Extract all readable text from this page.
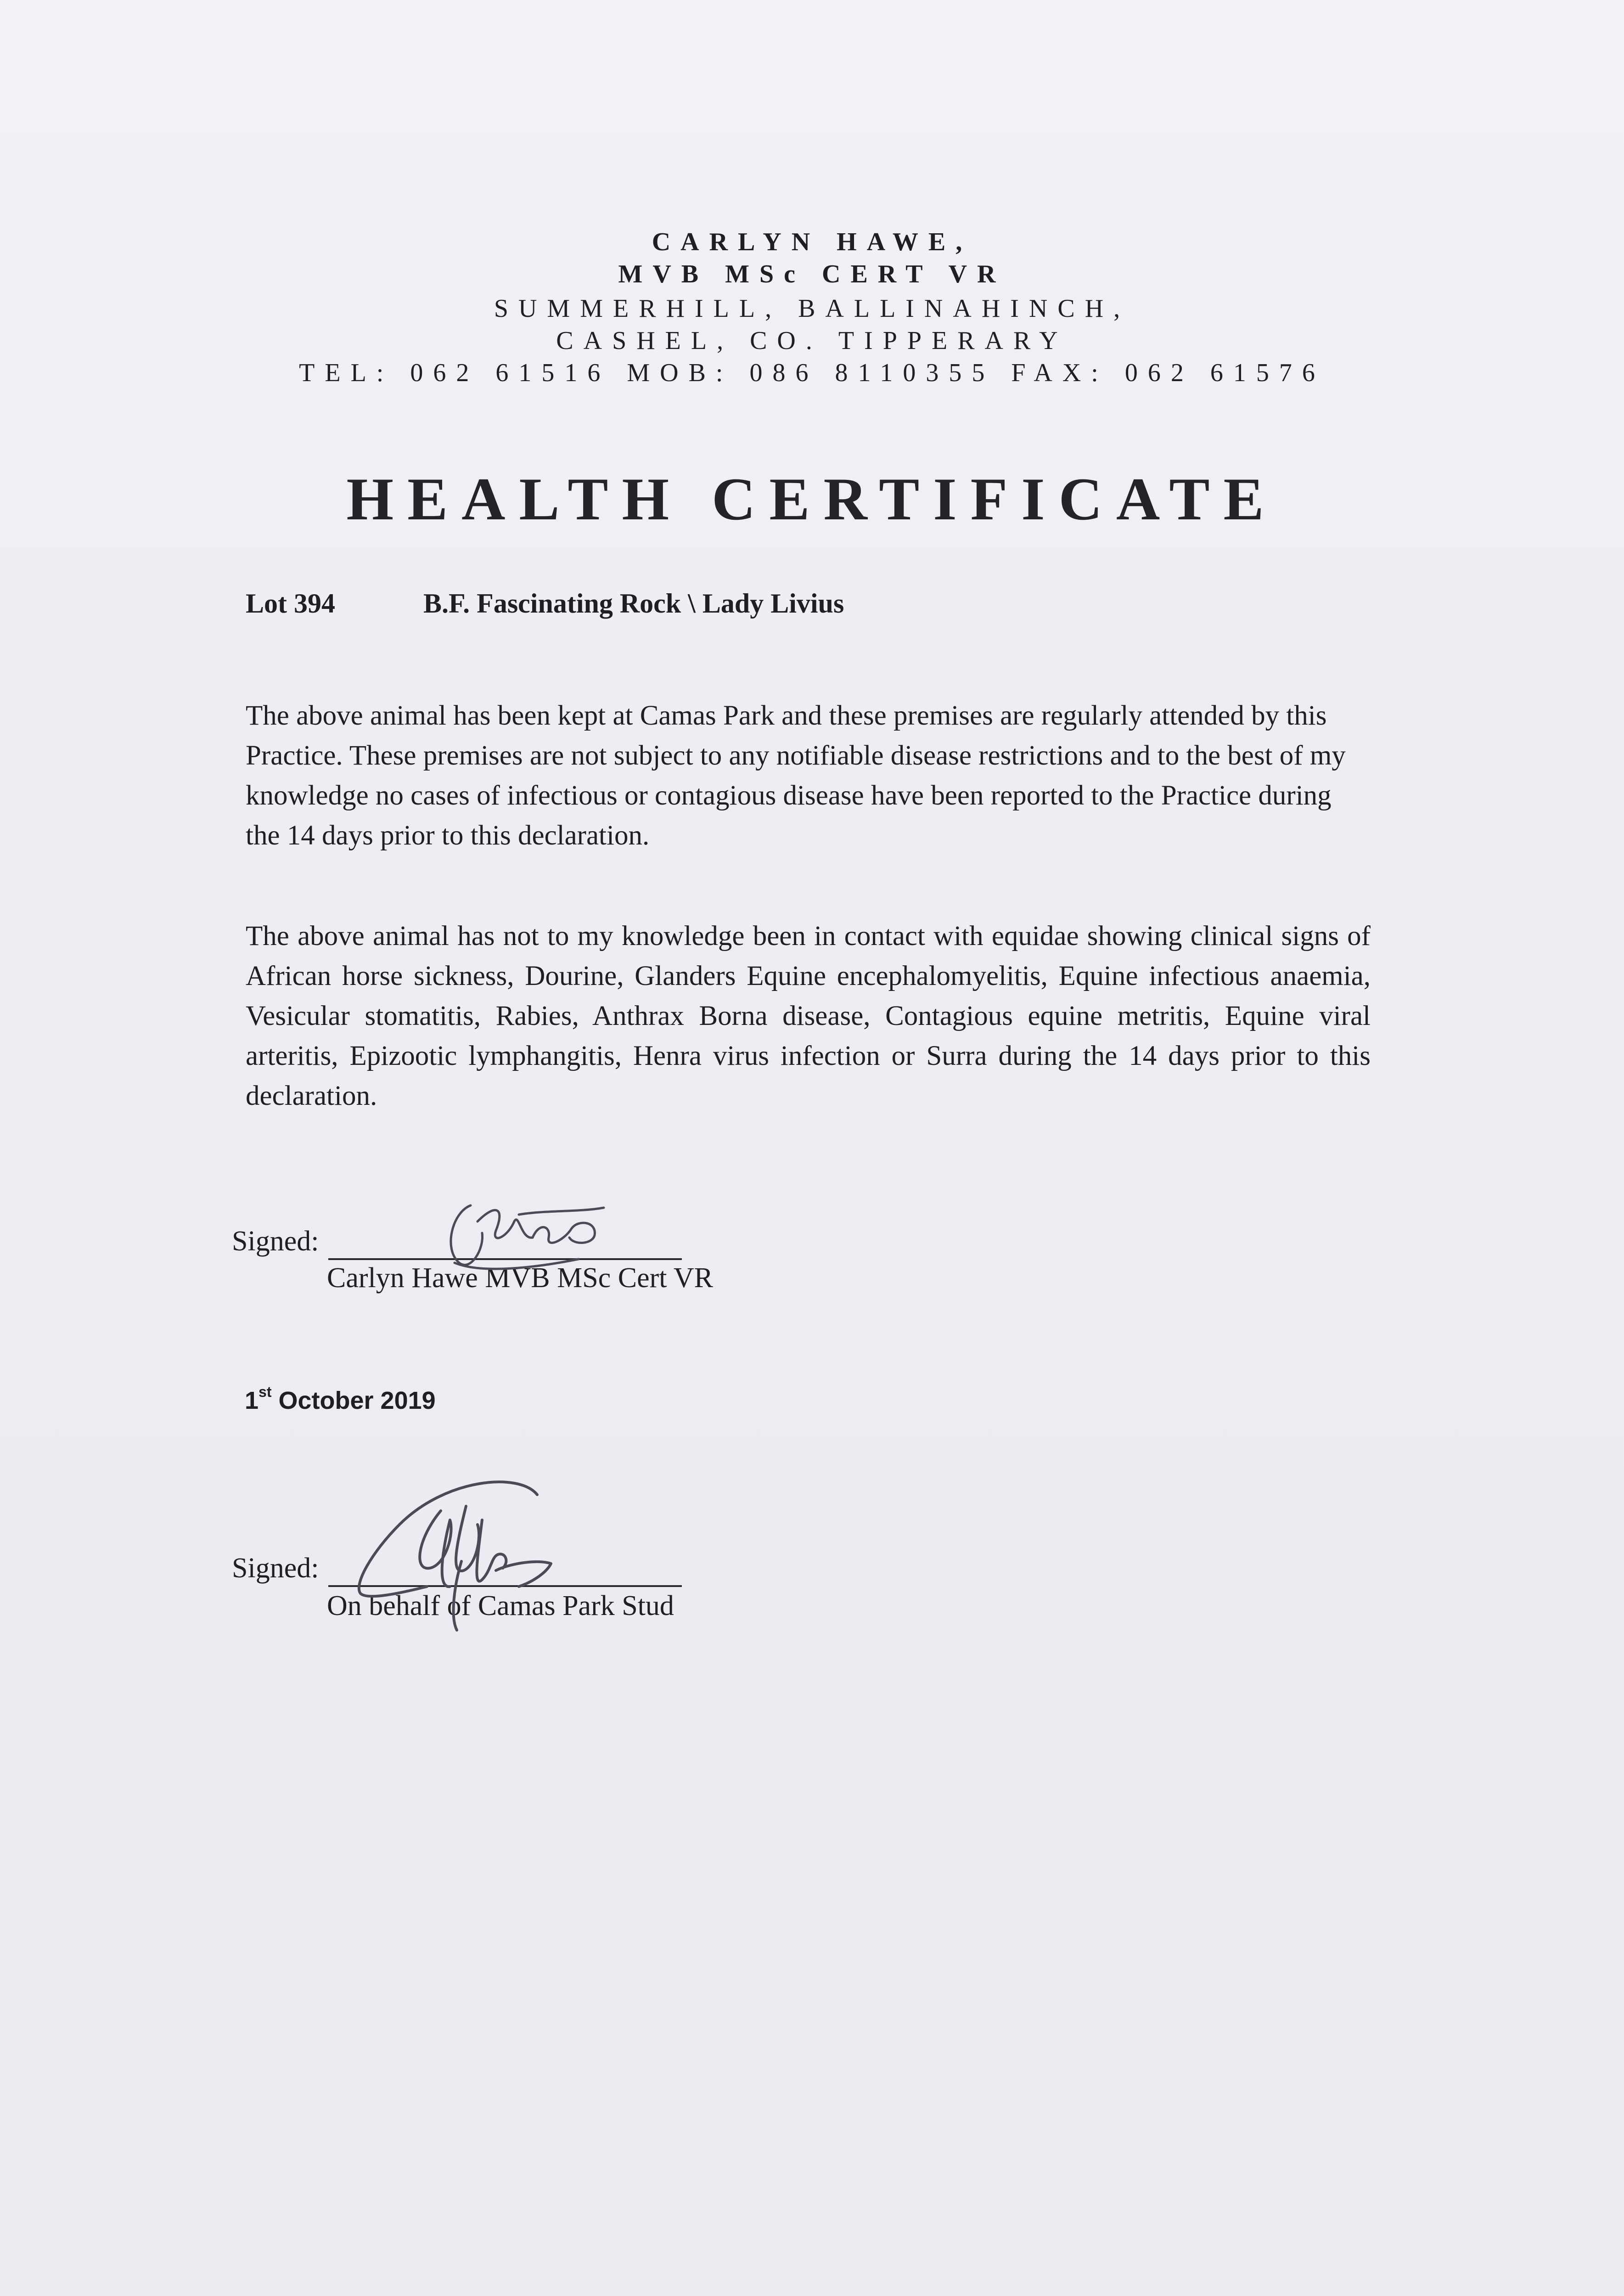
CARLYN HAWE,
MVB MSc CERT VR
SUMMERHILL, BALLINAHINCH,
CASHEL, CO. TIPPERARY
TEL: 062 61516 MOB: 086 8110355 FAX: 062 61576
HEALTH CERTIFICATE
Lot 394	B.F. Fascinating Rock \ Lady Livius
The above animal has been kept at Camas Park and these premises are regularly attended by this Practice. These premises are not subject to any notifiable disease restrictions and to the best of my knowledge no cases of infectious or contagious disease have been reported to the Practice during the 14 days prior to this declaration.
The above animal has not to my knowledge been in contact with equidae showing clinical signs of African horse sickness, Dourine, Glanders Equine encephalomyelitis, Equine infectious anaemia, Vesicular stomatitis, Rabies, Anthrax Borna disease, Contagious equine metritis, Equine viral arteritis, Epizootic lymphangitis, Henra virus infection or Surra during the 14 days prior to this declaration.
Signed:
Carlyn Hawe MVB MSc Cert VR
1st October 2019
Signed:
On behalf of Camas Park Stud
